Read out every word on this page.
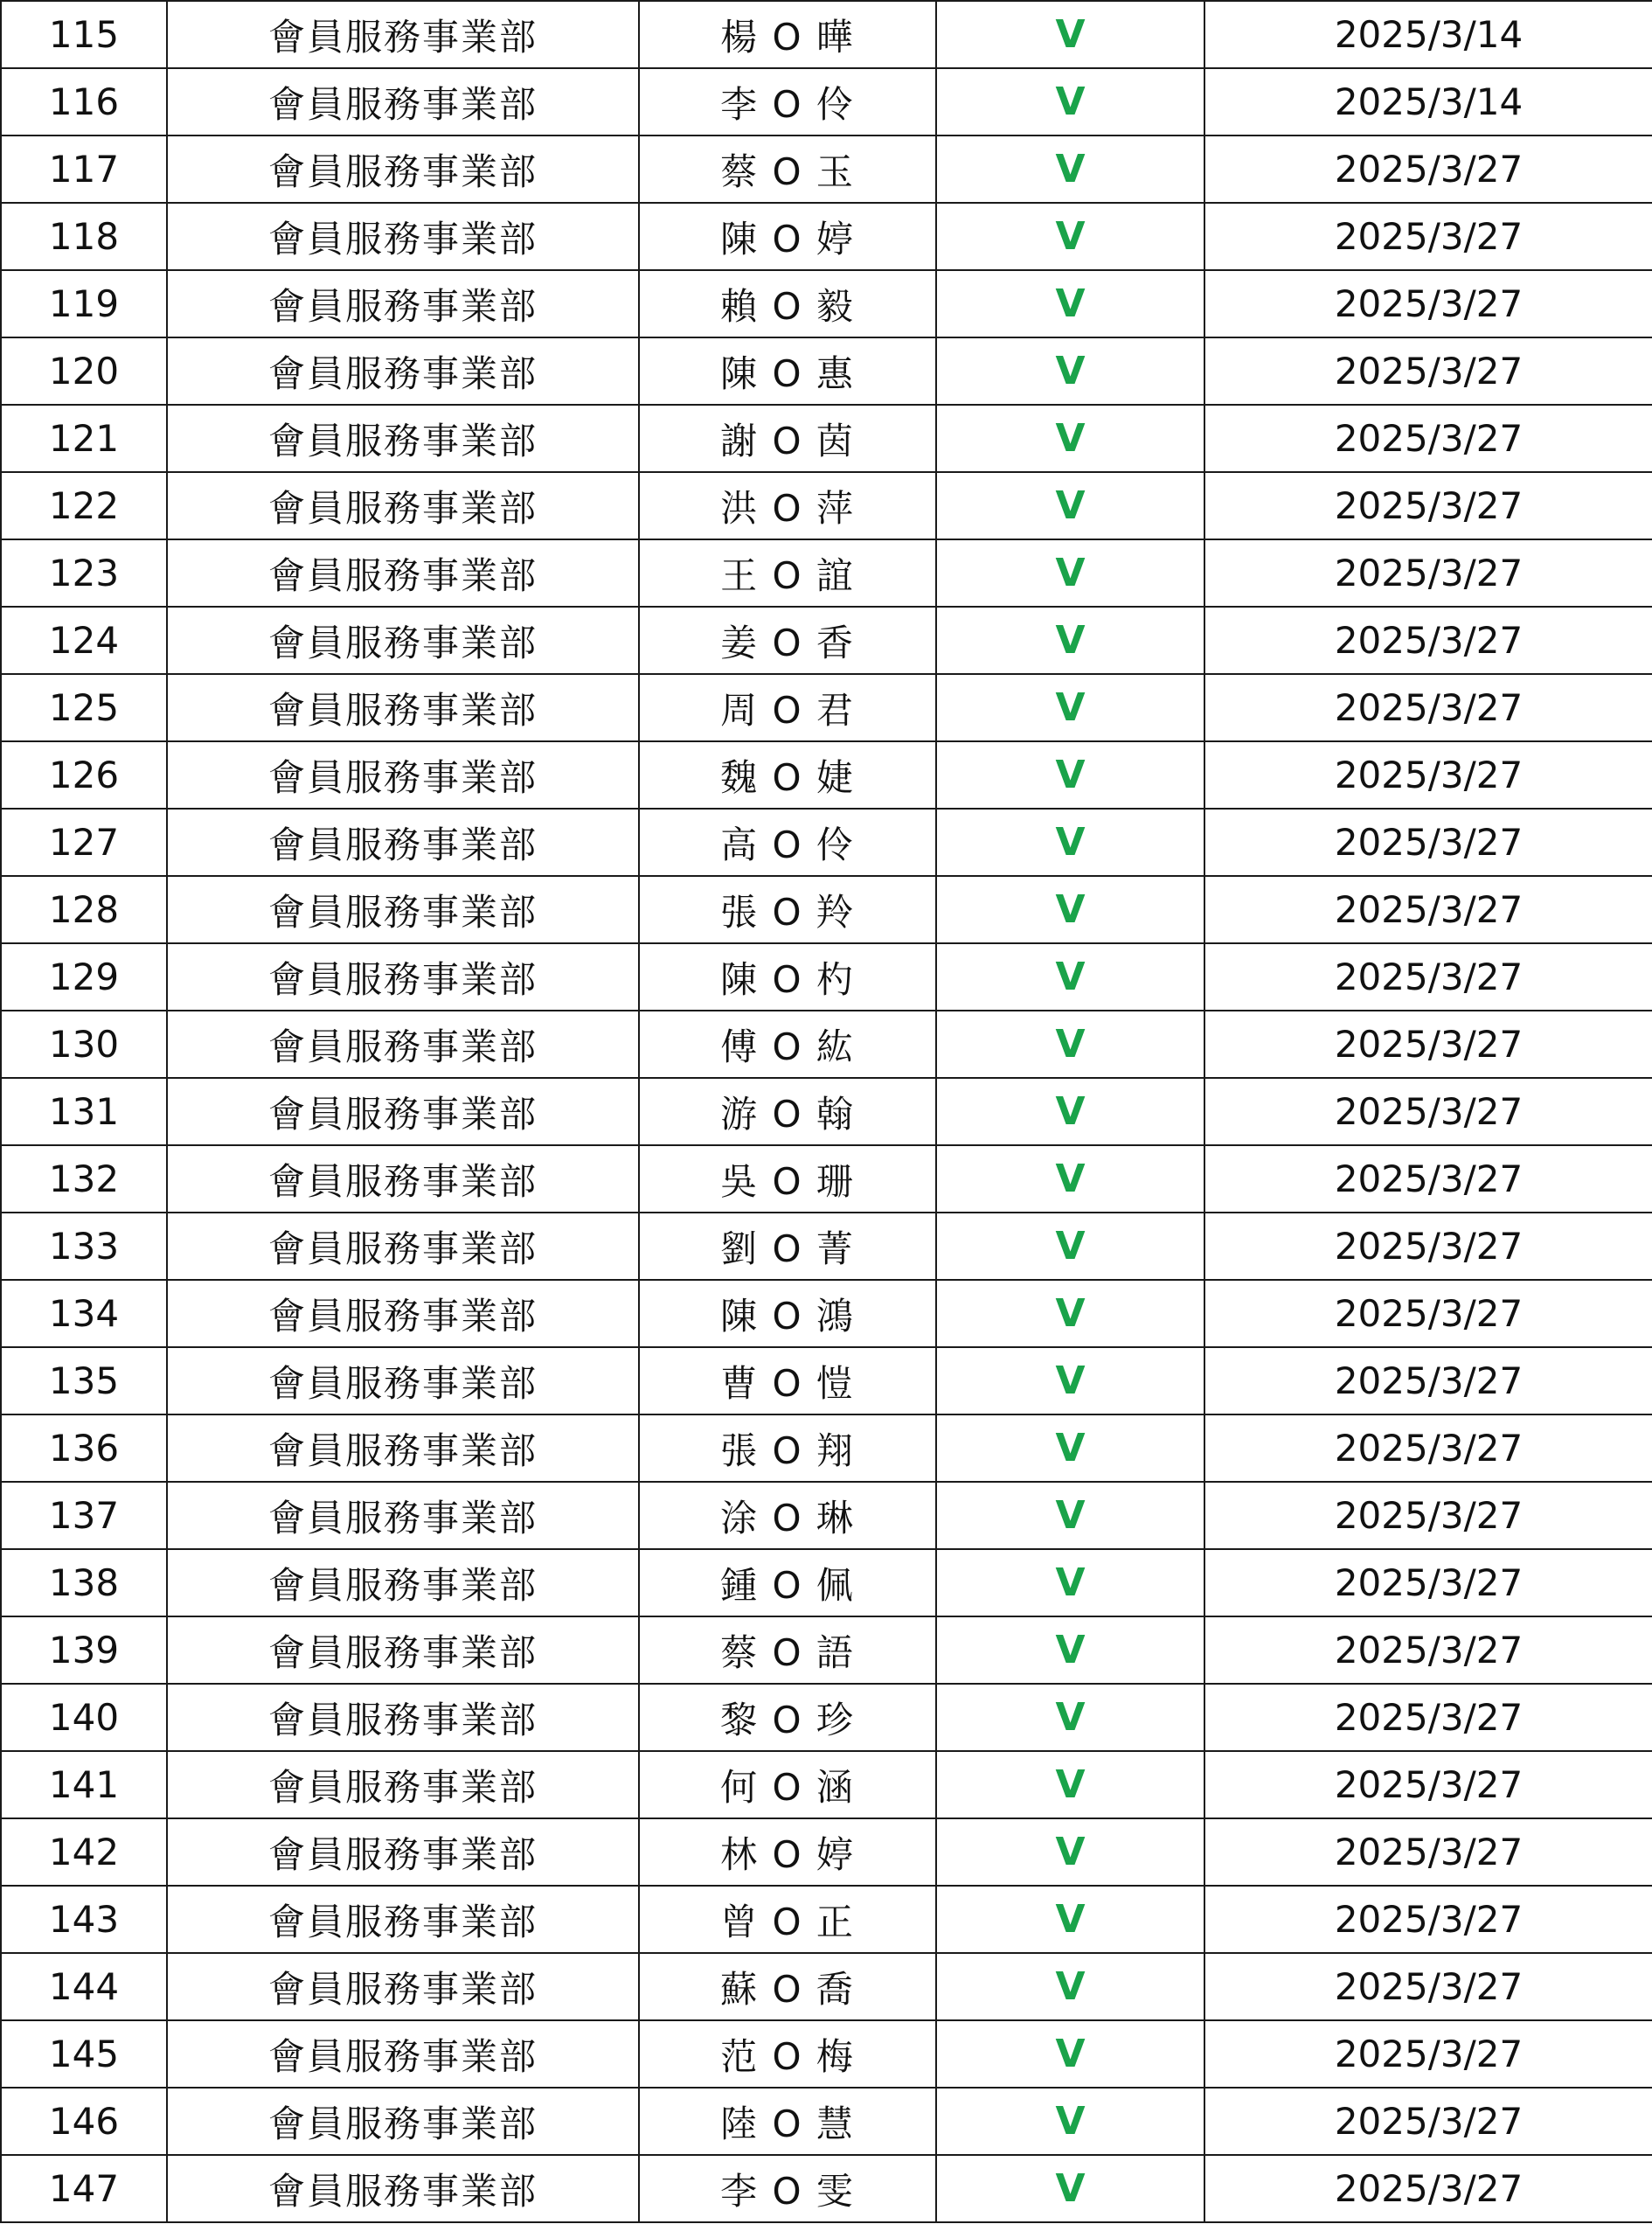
115	會員服務事業部	楊 O 曄	V	2025/3/14
116	會員服務事業部	李 O 伶	V	2025/3/14
117	會員服務事業部	蔡 O 玉	V	2025/3/27
118	會員服務事業部	陳 O 婷	V	2025/3/27
119	會員服務事業部	賴 O 毅	V	2025/3/27
120	會員服務事業部	陳 O 惠	V	2025/3/27
121	會員服務事業部	謝 O 茵	V	2025/3/27
122	會員服務事業部	洪 O 萍	V	2025/3/27
123	會員服務事業部	王 O 誼	V	2025/3/27
124	會員服務事業部	姜 O 香	V	2025/3/27
125	會員服務事業部	周 O 君	V	2025/3/27
126	會員服務事業部	魏 O 婕	V	2025/3/27
127	會員服務事業部	高 O 伶	V	2025/3/27
128	會員服務事業部	張 O 羚	V	2025/3/27
129	會員服務事業部	陳 O 杓	V	2025/3/27
130	會員服務事業部	傅 O 紘	V	2025/3/27
131	會員服務事業部	游 O 翰	V	2025/3/27
132	會員服務事業部	吳 O 珊	V	2025/3/27
133	會員服務事業部	劉 O 菁	V	2025/3/27
134	會員服務事業部	陳 O 鴻	V	2025/3/27
135	會員服務事業部	曹 O 愷	V	2025/3/27
136	會員服務事業部	張 O 翔	V	2025/3/27
137	會員服務事業部	涂 O 琳	V	2025/3/27
138	會員服務事業部	鍾 O 佩	V	2025/3/27
139	會員服務事業部	蔡 O 語	V	2025/3/27
140	會員服務事業部	黎 O 珍	V	2025/3/27
141	會員服務事業部	何 O 涵	V	2025/3/27
142	會員服務事業部	林 O 婷	V	2025/3/27
143	會員服務事業部	曾 O 正	V	2025/3/27
144	會員服務事業部	蘇 O 喬	V	2025/3/27
145	會員服務事業部	范 O 梅	V	2025/3/27
146	會員服務事業部	陸 O 慧	V	2025/3/27
147	會員服務事業部	李 O 雯	V	2025/3/27
